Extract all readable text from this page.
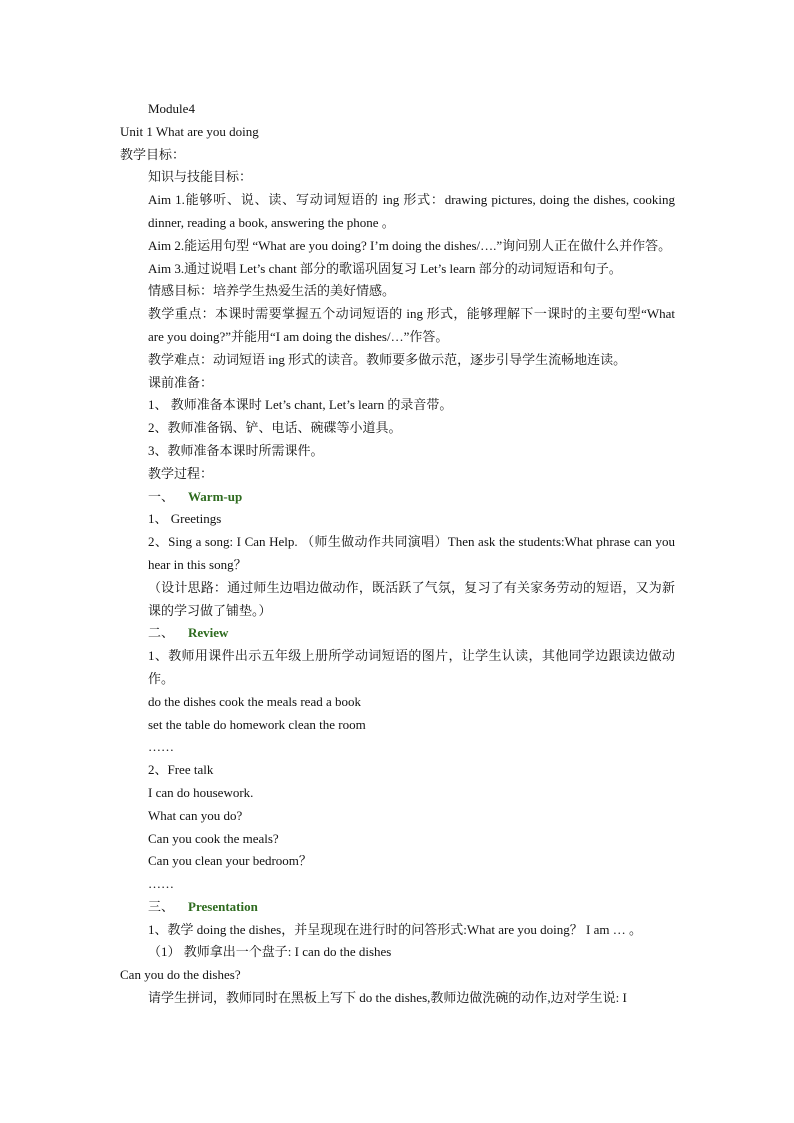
Module4
Unit 1 What are you doing
教学目标：
知识与技能目标：
Aim 1.能够听、说、读、写动词短语的 ing 形式：drawing pictures, doing the dishes, cooking dinner, reading a book, answering the phone 。
Aim 2.能运用句型 “What are you doing? I’m doing the dishes/….”询问别人正在做什么并作答。
Aim 3.通过说唱 Let’s chant 部分的歌谣巩固复习 Let’s learn 部分的动词短语和句子。
情感目标：培养学生热爱生活的美好情感。
教学重点：本课时需要掌握五个动词短语的 ing 形式，能够理解下一课时的主要句型“What are you doing?”并能用“I am doing the dishes/…”作答。
教学难点：动词短语 ing 形式的读音。教师要多做示范，逐步引导学生流畅地连读。
课前准备：
1、 教师准备本课时 Let’s chant, Let’s learn 的录音带。
2、教师准备锅、铲、电话、碗碟等小道具。
3、教师准备本课时所需课件。
教学过程：
一、 Warm-up
1、 Greetings
2、Sing a song: I Can Help. （师生做动作共同演唱）Then ask the students:What phrase can you hear in this song？
（设计思路：通过师生边唱边做动作，既活跃了气氛，复习了有关家务劳动的短语，又为新课的学习做了铺垫。）
二、 Review
1、教师用课件出示五年级上册所学动词短语的图片，让学生认读，其他同学边跟读边做动作。
do the dishes cook the meals read a book
set the table do homework clean the room
……
2、Free talk
I can do housework.
What can you do?
Can you cook the meals?
Can you clean your bedroom？
……
三、 Presentation
1、教学 doing the dishes，并呈现现在进行时的问答形式:What are you doing？ I am … 。
（1） 教师拿出一个盘子: I can do the dishes
Can you do the dishes?
请学生拼词，教师同时在黑板上写下 do the dishes,教师边做洗碗的动作,边对学生说: I
